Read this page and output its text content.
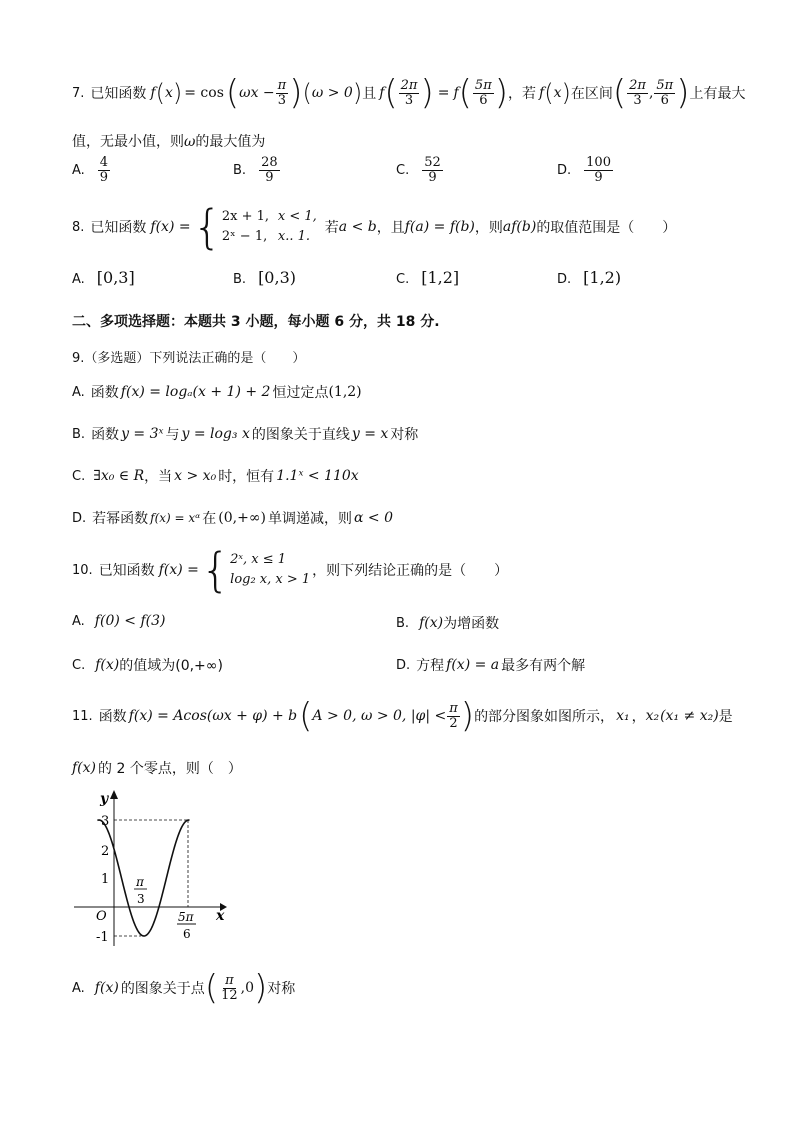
7. 已知函数 f ( x ) = cos ( $\omega x - \frac{\pi}{3}$ ) ( ω > 0 ) 且 f ( $\frac{2\pi}{3}$ ) = f ( $\frac{5\pi}{6}$ ) ，若 f ( x ) 在区间 ( $\frac{2\pi}{3}$ , $\frac{5\pi}{6}$ ) 上有最大
值，无最小值，则ω的最大值为
A. $\frac{4}{9}$	B. $\frac{28}{9}$	C. $\frac{52}{9}$	D. $\frac{100}{9}$
8. 已知函数 f(x) = { 2x + 1, x < 1,
2ˣ − 1, x.. 1.
若 a < b ，且 f(a) = f(b) ，则 af(b) 的取值范围是（　　）
A. [0,3]	B. [0,3)	C. [1,2]	D. [1,2)
二、多项选择题：本题共 3 小题，每小题 6 分，共 18 分.
9.（多选题）下列说法正确的是（　　）
A. 函数 f(x) = logₐ(x + 1) + 2 恒过定点 (1,2)
B. 函数 y = 3ˣ 与 y = log₃ x 的图象关于直线 y = x 对称
C. ∃x₀ ∈ R ，当 x > x₀ 时，恒有 1.1ˣ < 110x
D. 若幂函数 f(x) = xᵅ 在 (0,+∞) 单调递减，则 α < 0
10. 已知函数 f(x) = { 2ˣ, x ≤ 1
log₂ x, x > 1
，则下列结论正确的是（　　）
A. f(0) < f(3)	B. f(x) 为增函数
C. f(x) 的值域为(0,+∞)	D. 方程 f(x) = a 最多有两个解
11. 函数 f(x) = Acos(ωx + φ) + b ( A > 0, ω > 0, $|\varphi| < \frac{\pi}{2}$ ) 的部分图象如图所示， x₁ ， x₂ (x₁ ≠ x₂) 是
f(x) 的 2 个零点，则（　）
y
x
O
3
2
1
-1
π
3
5π
6
A. f(x) 的图象关于点 ( $\frac{\pi}{12} ,0$ ) 对称
